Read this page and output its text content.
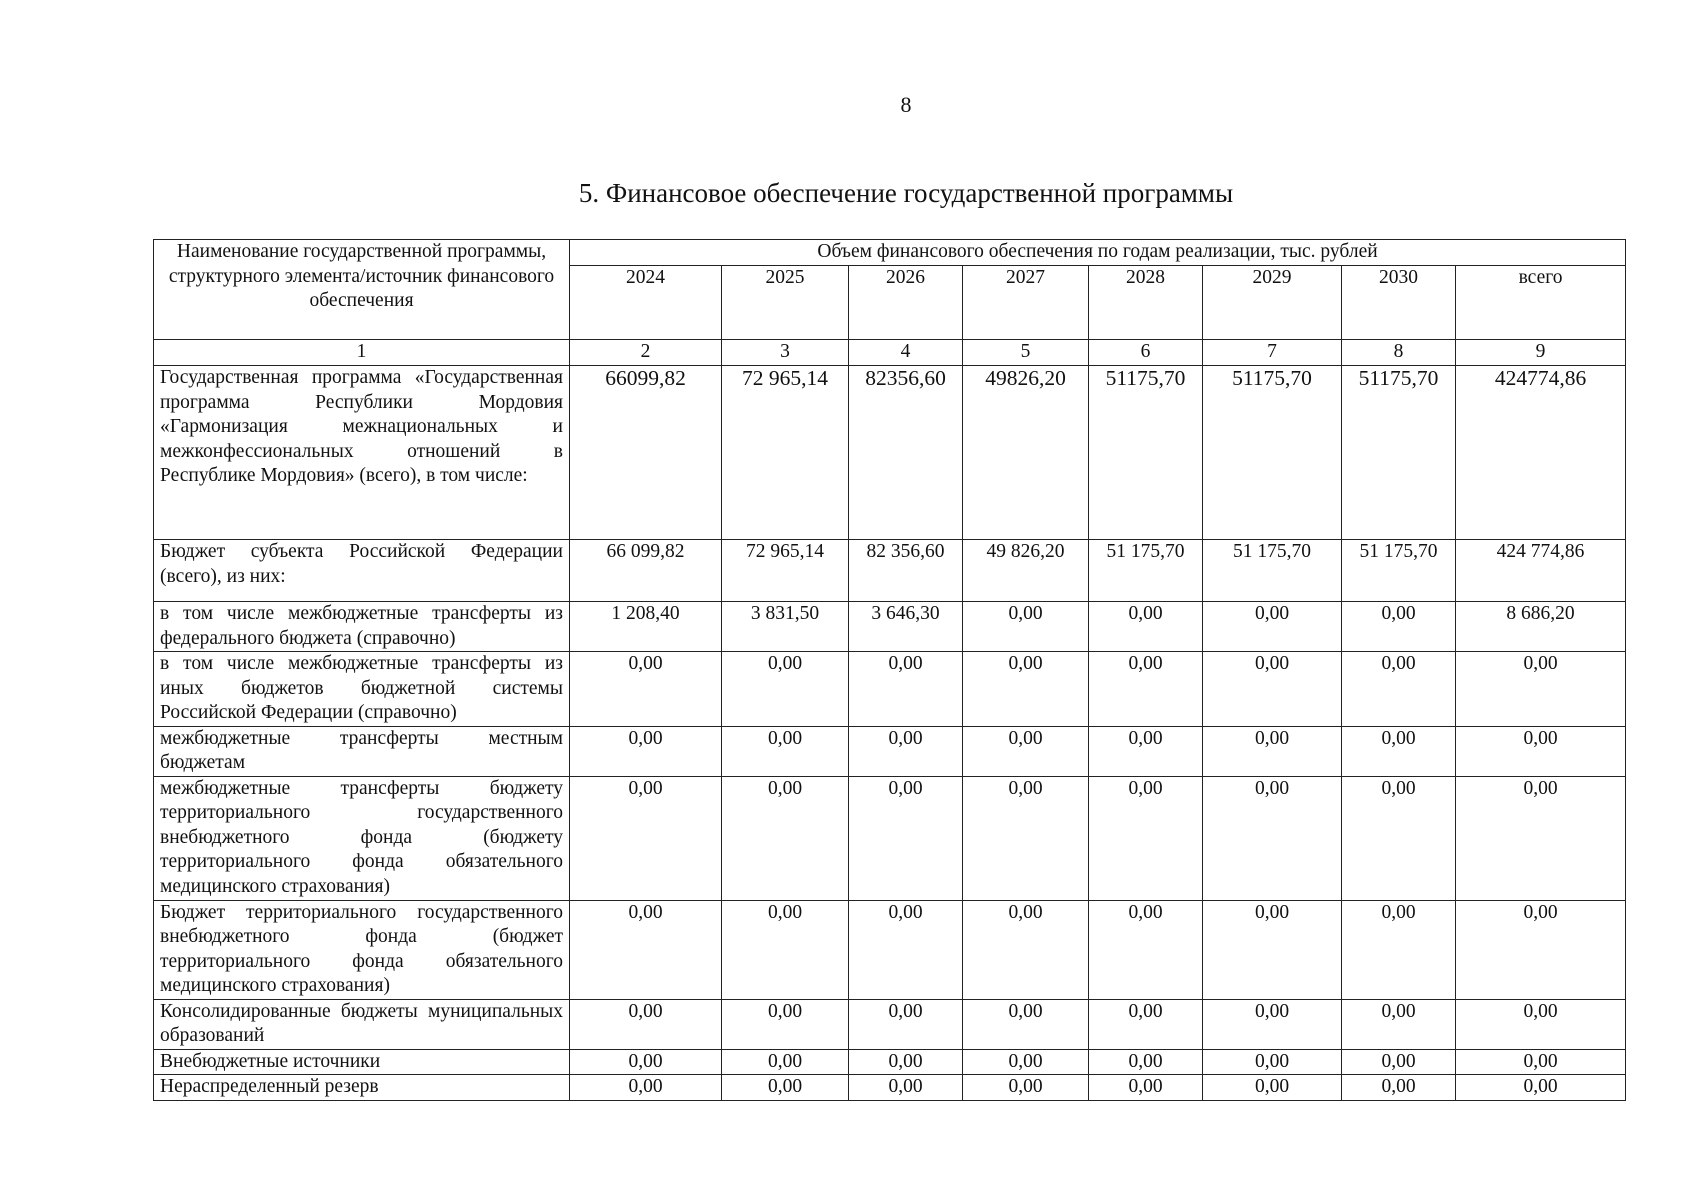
8
5. Финансовое обеспечение государственной программы
Наименование государственной программы, структурного элемента/источник финансового обеспечения	Объем финансового обеспечения по годам реализации, тыс. рублей							
	2024	2025	2026	2027	2028	2029	2030	всего
1	2	3	4	5	6	7	8	9
Государственная программа «Государственная программа Республики Мордовия «Гармонизация межнациональных и межконфессиональных отношений в Республике Мордовия» (всего), в том числе:	66099,82	72 965,14	82356,60	49826,20	51175,70	51175,70	51175,70	424774,86
Бюджет субъекта Российской Федерации (всего), из них:	66 099,82	72 965,14	82 356,60	49 826,20	51 175,70	51 175,70	51 175,70	424 774,86
в том числе межбюджетные трансферты из федерального бюджета (справочно)	1 208,40	3 831,50	3 646,30	0,00	0,00	0,00	0,00	8 686,20
в том числе межбюджетные трансферты из иных бюджетов бюджетной системы Российской Федерации (справочно)	0,00	0,00	0,00	0,00	0,00	0,00	0,00	0,00
межбюджетные трансферты местным бюджетам	0,00	0,00	0,00	0,00	0,00	0,00	0,00	0,00
межбюджетные трансферты бюджету территориального государственного внебюджетного фонда (бюджету территориального фонда обязательного медицинского страхования)	0,00	0,00	0,00	0,00	0,00	0,00	0,00	0,00
Бюджет территориального государственного внебюджетного фонда (бюджет территориального фонда обязательного медицинского страхования)	0,00	0,00	0,00	0,00	0,00	0,00	0,00	0,00
Консолидированные бюджеты муниципальных образований	0,00	0,00	0,00	0,00	0,00	0,00	0,00	0,00
Внебюджетные источники	0,00	0,00	0,00	0,00	0,00	0,00	0,00	0,00
Нераспределенный резерв	0,00	0,00	0,00	0,00	0,00	0,00	0,00	0,00
